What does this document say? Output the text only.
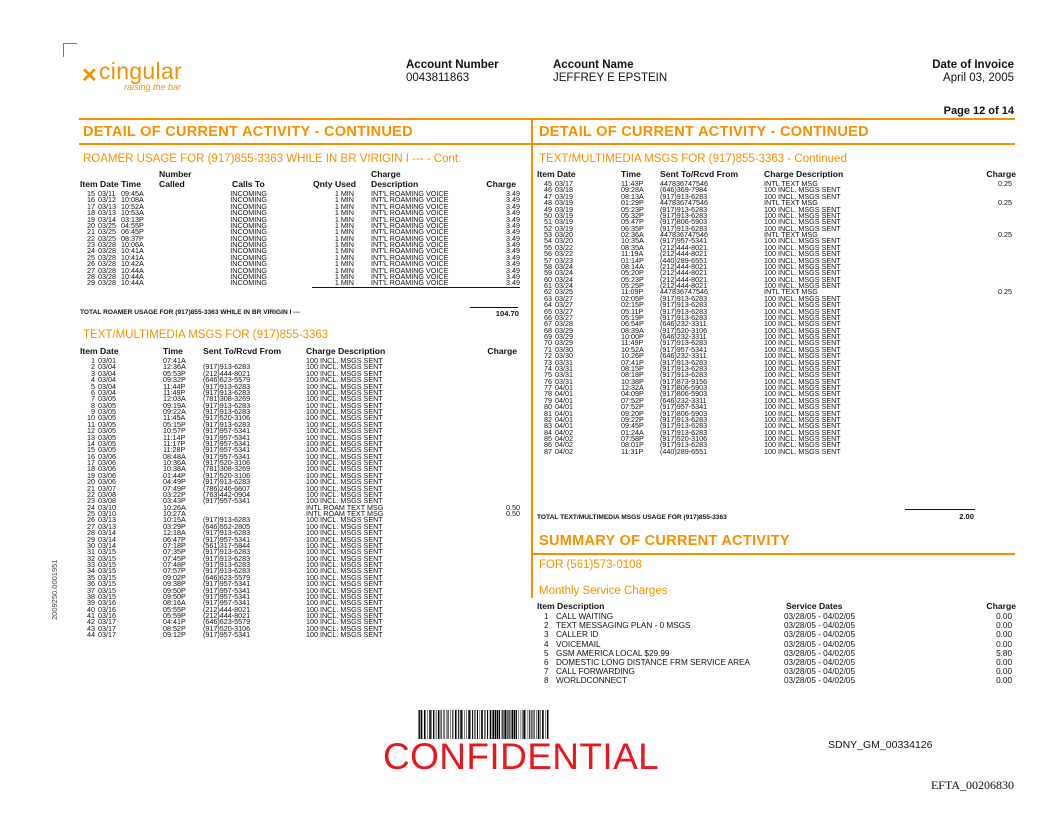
✕ cingular
raising the bar
Account Number
0043811863
Account Name
JEFFREY E EPSTEIN
Date of Invoice
April 03, 2005
Page 12 of 14
DETAIL OF CURRENT ACTIVITY - CONTINUED
ROAMER USAGE FOR (917)855-3363 WHILE IN BR VIRIGIN I --- - Cont.
Number	Charge
Item Date Time Called	Calls To	Qnty Used Description	Charge
15 03/11 09:45A	INCOMING	1 MIN INT'L ROAMING VOICE	3.49
16 03/12 10:08A	INCOMING	1 MIN INT'L ROAMING VOICE	3.49
17 03/13 10:52A	INCOMING	1 MIN INT'L ROAMING VOICE	3.49
18 03/13 10:53A	INCOMING	1 MIN INT'L ROAMING VOICE	3.49
19 03/14 03:13P	INCOMING	1 MIN INT'L ROAMING VOICE	3.49
20 03/25 04:55P	INCOMING	1 MIN INT'L ROAMING VOICE	3.49
21 03/25 06:45P	INCOMING	1 MIN INT'L ROAMING VOICE	3.49
22 03/25 08:37P	INCOMING	1 MIN INT'L ROAMING VOICE	3.49
23 03/28 10:06A	INCOMING	1 MIN INT'L ROAMING VOICE	3.49
24 03/28 10:41A	INCOMING	1 MIN INT'L ROAMING VOICE	3.49
25 03/28 10:41A	INCOMING	1 MIN INT'L ROAMING VOICE	3.49
26 03/28 10:42A	INCOMING	1 MIN INT'L ROAMING VOICE	3.49
27 03/28 10:44A	INCOMING	1 MIN INT'L ROAMING VOICE	3.49
28 03/28 10:44A	INCOMING	1 MIN INT'L ROAMING VOICE	3.49
29 03/28 10:44A	INCOMING	1 MIN INT'L ROAMING VOICE	3.49
TOTAL ROAMER USAGE FOR (917)855-3363 WHILE IN BR VIRIGIN I ---	104.70
TEXT/MULTIMEDIA MSGS FOR (917)855-3363
Item Date	Time Sent To/Rcvd From	Charge Description	Charge
1 03/01	07:41A	100 INCL. MSGS SENT
2 03/04	12:36A (917)913-6283	100 INCL. MSGS SENT
3 03/04	05:53P (212)444-8021	100 INCL. MSGS SENT
4 03/04	09:32P (646)623-5579	100 INCL. MSGS SENT
5 03/04	11:44P (917)913-6283	100 INCL. MSGS SENT
6 03/04	11:49P (917)913-6283	100 INCL. MSGS SENT
7 03/05	12:03A (781)308-3269	100 INCL. MSGS SENT
8 03/05	09:19A (917)913-6283	100 INCL. MSGS SENT
9 03/05	09:22A (917)913-6283	100 INCL. MSGS SENT
10 03/05	11:45A (917)520-3106	100 INCL. MSGS SENT
11 03/05	05:15P (917)913-6283	100 INCL. MSGS SENT
12 03/05	10:57P (917)957-5341	100 INCL. MSGS SENT
13 03/05	11:14P (917)957-5341	100 INCL. MSGS SENT
14 03/05	11:17P (917)957-5341	100 INCL. MSGS SENT
15 03/05	11:28P (917)957-5341	100 INCL. MSGS SENT
16 03/06	08:48A (917)957-5341	100 INCL. MSGS SENT
17 03/06	10:36A (917)520-3106	100 INCL. MSGS SENT
18 03/06	10:38A (781)308-3269	100 INCL. MSGS SENT
19 03/06	01:44P (917)520-3106	100 INCL. MSGS SENT
20 03/06	04:49P (917)913-6283	100 INCL. MSGS SENT
21 03/07	07:49P (786)246-6607	100 INCL. MSGS SENT
22 03/08	03:22P (763)442-0904	100 INCL. MSGS SENT
23 03/08	03:43P (917)957-5341	100 INCL. MSGS SENT
24 03/10	10:26A	INTL ROAM TEXT MSG	0.50
25 03/10	10:27A	INTL ROAM TEXT MSG	0.50
26 03/13	10:15A (917)913-6283	100 INCL. MSGS SENT
27 03/13	03:29P (646)552-2805	100 INCL. MSGS SENT
28 03/14	12:18A (917)913-6283	100 INCL. MSGS SENT
29 03/14	06:47P (917)957-5341	100 INCL. MSGS SENT
30 03/14	07:18P (561)317-5844	100 INCL. MSGS SENT
31 03/15	07:35P (917)913-6283	100 INCL. MSGS SENT
32 03/15	07:45P (917)913-6283	100 INCL. MSGS SENT
33 03/15	07:48P (917)913-6283	100 INCL. MSGS SENT
34 03/15	07:57P (917)913-6283	100 INCL. MSGS SENT
35 03/15	09:02P (646)623-5579	100 INCL. MSGS SENT
36 03/15	09:38P (917)957-5341	100 INCL. MSGS SENT
37 03/15	09:50P (917)957-5341	100 INCL. MSGS SENT
38 03/15	09:50P (917)957-5341	100 INCL. MSGS SENT
39 03/16	08:16A (917)957-5341	100 INCL. MSGS SENT
40 03/16	05:55P (212)444-8021	100 INCL. MSGS SENT
41 03/16	05:59P (212)444-8021	100 INCL. MSGS SENT
42 03/17	04:41P (646)623-5579	100 INCL. MSGS SENT
43 03/17	08:52P (917)520-3106	100 INCL. MSGS SENT
44 03/17	09:12P (917)957-5341	100 INCL. MSGS SENT
DETAIL OF CURRENT ACTIVITY - CONTINUED
TEXT/MULTIMEDIA MSGS FOR (917)855-3363 - Continued
Item Date	Time Sent To/Rcvd From	Charge Description	Charge
45 03/17	11:43P 447836747546	INTL TEXT MSG	0.25
46 03/18	09:28A (646)369-7984	100 INCL. MSGS SENT
47 03/19	08:13A (917)913-6283	100 INCL. MSGS SENT
48 03/19	01:29P 447836747546	INTL TEXT MSG	0.25
49 03/19	05:23P (917)913-6283	100 INCL. MSGS SENT
50 03/19	05:32P (917)913-6283	100 INCL. MSGS SENT
51 03/19	05:47P (917)806-5903	100 INCL. MSGS SENT
52 03/19	06:35P (917)913-6283	100 INCL. MSGS SENT
53 03/20	02:36A 447836747546	INTL TEXT MSG	0.25
54 03/20	10:35A (917)957-5341	100 INCL. MSGS SENT
55 03/22	08:35A (212)444-8021	100 INCL. MSGS SENT
56 03/22	11:19A (212)444-8021	100 INCL. MSGS SENT
57 03/23	01:14P (440)289-6551	100 INCL. MSGS SENT
58 03/24	08:14A (212)444-8021	100 INCL. MSGS SENT
59 03/24	05:20P (212)444-8021	100 INCL. MSGS SENT
60 03/24	05:23P (212)444-8021	100 INCL. MSGS SENT
61 03/24	05:25P (212)444-8021	100 INCL. MSGS SENT
62 03/25	11:09P 447836747546	INTL TEXT MSG	0.25
63 03/27	02:05P (917)913-6283	100 INCL. MSGS SENT
64 03/27	02:15P (917)913-6283	100 INCL. MSGS SENT
65 03/27	05:11P (917)913-6283	100 INCL. MSGS SENT
66 03/27	05:19P (917)913-6283	100 INCL. MSGS SENT
67 03/28	06:54P (646)232-3311	100 INCL. MSGS SENT
68 03/29	08:39A (917)520-3106	100 INCL. MSGS SENT
69 03/29	10:00P (646)232-3311	100 INCL. MSGS SENT
70 03/29	11:49P (917)913-6283	100 INCL. MSGS SENT
71 03/30	10:52A (917)957-5341	100 INCL. MSGS SENT
72 03/30	10:26P (646)232-3311	100 INCL. MSGS SENT
73 03/31	07:41P (917)913-6283	100 INCL. MSGS SENT
74 03/31	08:15P (917)913-6283	100 INCL. MSGS SENT
75 03/31	08:18P (917)913-6283	100 INCL. MSGS SENT
76 03/31	10:38P (917)873-9156	100 INCL. MSGS SENT
77 04/01	12:32A (917)806-5903	100 INCL. MSGS SENT
78 04/01	04:09P (917)806-5903	100 INCL. MSGS SENT
79 04/01	07:52P (646)232-3311	100 INCL. MSGS SENT
80 04/01	07:52P (917)957-5341	100 INCL. MSGS SENT
81 04/01	09:20P (917)806-5903	100 INCL. MSGS SENT
82 04/01	09:22P (917)913-6283	100 INCL. MSGS SENT
83 04/01	09:45P (917)913-6283	100 INCL. MSGS SENT
84 04/02	01:24A (917)913-6283	100 INCL. MSGS SENT
85 04/02	07:58P (917)520-3106	100 INCL. MSGS SENT
86 04/02	08:01P (917)913-6283	100 INCL. MSGS SENT
87 04/02	11:31P (440)289-6551	100 INCL. MSGS SENT
TOTAL TEXT/MULTIMEDIA MSGS USAGE FOR (917)855-3363	2.00
SUMMARY OF CURRENT ACTIVITY
FOR (561)573-0108
Monthly Service Charges
Item Description	Service Dates	Charge
1 CALL WAITING	03/28/05 - 04/02/05	0.00
2 TEXT MESSAGING PLAN - 0 MSGS	03/28/05 - 04/02/05	0.00
3 CALLER ID	03/28/05 - 04/02/05	0.00
4 VOICEMAIL	03/28/05 - 04/02/05	0.00
5 GSM AMERICA LOCAL $29.99	03/28/05 - 04/02/05	5.80
6 DOMESTIC LONG DISTANCE FRM SERVICE AREA	03/28/05 - 04/02/05	0.00
7 CALL FORWARDING	03/28/05 - 04/02/05	0.00
8 WORLDCONNECT	03/28/05 - 04/02/05	0.00
CONFIDENTIAL	SDNY_GM_00334126
EFTA_00206830
2009250.0001951
